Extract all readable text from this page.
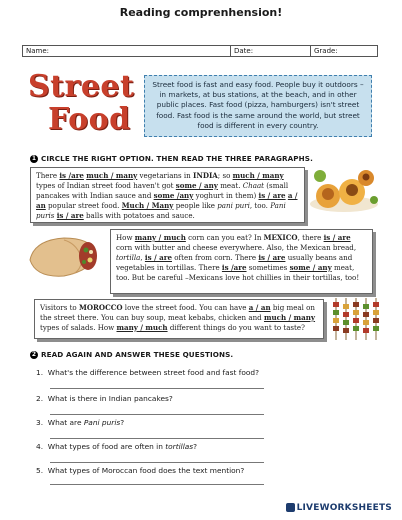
Reading comprenhension!
Name:	Date:	Grade:
Street
Food
Street food is fast and easy food. People buy it outdoors –in markets, at bus stations, at the beach, and in other public places. Fast food (pizza, hamburgers) isn't street food. Fast food is the same around the world, but street food is different in every country.
1 CIRCLE THE RIGHT OPTION. THEN READ THE THREE PARAGRAPHS.
There is /are much / many vegetarians in INDIA; so much / many types of Indian street food haven't got some / any meat. Chaat (small pancakes with Indian sauce and some /any yoghurt in them) is / are a / an popular street food. Much / Many people like pani puri, too. Pani puris is / are balls with potatoes and sauce.
How many / much corn can you eat? In MEXICO, there is / are corn with butter and cheese everywhere. Also, the Mexican bread, tortilla, is / are often from corn. There is / are usually beans and vegetables in tortillas. There is /are sometimes some / any meat, too. But be careful –Mexicans love hot chillies in their tortillas, too!
Visitors to MOROCCO love the street food. You can have a / an big meal on the street there. You can buy soup, meat kebabs, chicken and much / many types of salads. How many / much different things do you want to taste?
2 READ AGAIN AND ANSWER THESE QUESTIONS.
1. What's the difference between street food and fast food?
2. What is there in Indian pancakes?
3. What are Pani puris?
4. What types of food are often in tortillas?
5. What types of Moroccan food does the text mention?
LIVEWORKSHEETS
